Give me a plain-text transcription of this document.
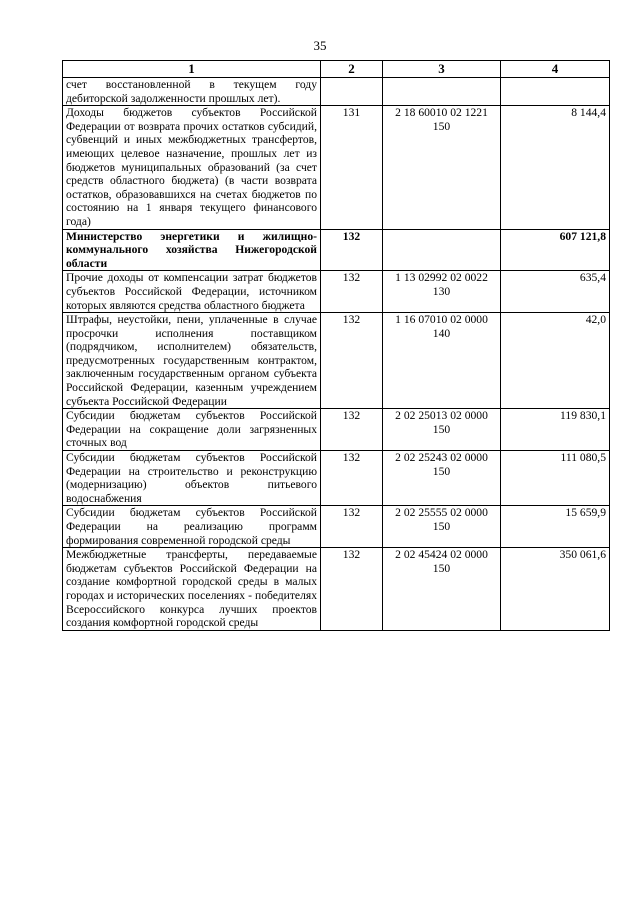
35
1	2	3	4
счет восстановленной в текущем году дебиторской задолженности прошлых лет).			
Доходы бюджетов субъектов Российской Федерации от возврата прочих остатков субсидий, субвенций и иных межбюджетных трансфертов, имеющих целевое назначение, прошлых лет из бюджетов муниципальных образований (за счет средств областного бюджета) (в части возврата остатков, образовавшихся на счетах бюджетов по состоянию на 1 января текущего финансового года)	131	2 18 60010 02 1221 150	8 144,4
Министерство энергетики и жилищно-коммунального хозяйства Нижегородской области	132		607 121,8
Прочие доходы от компенсации затрат бюджетов субъектов Российской Федерации, источником которых являются средства областного бюджета	132	1 13 02992 02 0022 130	635,4
Штрафы, неустойки, пени, уплаченные в случае просрочки исполнения поставщиком (подрядчиком, исполнителем) обязательств, предусмотренных государственным контрактом, заключенным государственным органом субъекта Российской Федерации, казенным учреждением субъекта Российской Федерации	132	1 16 07010 02 0000 140	42,0
Субсидии бюджетам субъектов Российской Федерации на сокращение доли загрязненных сточных вод	132	2 02 25013 02 0000 150	119 830,1
Субсидии бюджетам субъектов Российской Федерации на строительство и реконструкцию (модернизацию) объектов питьевого водоснабжения	132	2 02 25243 02 0000 150	111 080,5
Субсидии бюджетам субъектов Российской Федерации на реализацию программ формирования современной городской среды	132	2 02 25555 02 0000 150	15 659,9
Межбюджетные трансферты, передаваемые бюджетам субъектов Российской Федерации на создание комфортной городской среды в малых городах и исторических поселениях - победителях Всероссийского конкурса лучших проектов создания комфортной городской среды	132	2 02 45424 02 0000 150	350 061,6
